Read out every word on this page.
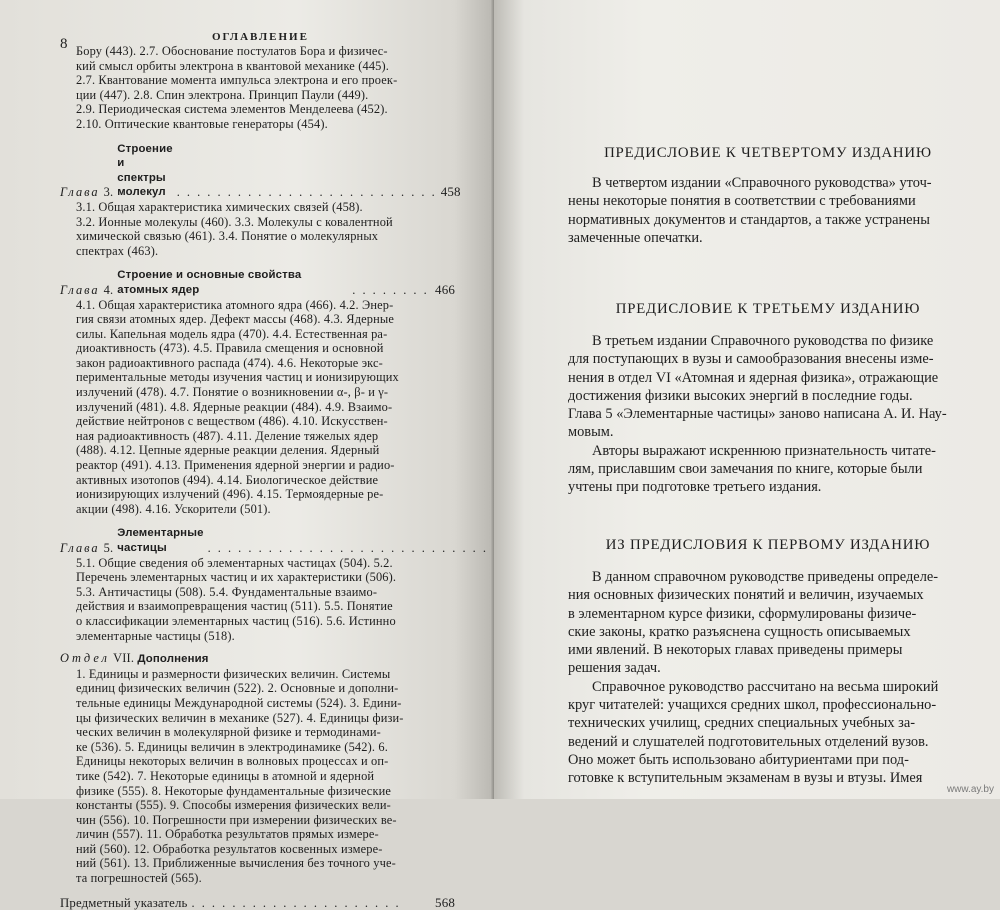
ОГЛАВЛЕНИЕ
8 Бору (443). 2.7. Обоснование постулатов Бора и физичес-
кий смысл орбиты электрона в квантовой механике (445).
2.7. Квантование момента импульса электрона и его проек-
ции (447). 2.8. Спин электрона. Принцип Паули (449).
2.9. Периодическая система элементов Менделеева (452).
2.10. Оптические квантовые генераторы (454).
Глава 3.
Строение и спектры молекул . . . . . . . . . . . . . . . . . . . . . . . . . . 458
3.1. Общая характеристика химических связей (458).
3.2. Ионные молекулы (460). 3.3. Молекулы с ковалентной
химической связью (461). 3.4. Понятие о молекулярных
спектрах (463).
Глава 4.
Строение и основные свойства атомных ядер	. . . . . . . . 466
4.1. Общая характеристика атомного ядра (466). 4.2. Энер-
гия связи атомных ядер. Дефект массы (468). 4.3. Ядерные
силы. Капельная модель ядра (470). 4.4. Естественная ра-
диоактивность (473). 4.5. Правила смещения и основной
закон радиоактивного распада (474). 4.6. Некоторые экс-
периментальные методы изучения частиц и ионизирующих
излучений (478). 4.7. Понятие о возникновении α-, β- и γ-
излучений (481). 4.8. Ядерные реакции (484). 4.9. Взаимо-
действие нейтронов с веществом (486). 4.10. Искусствен-
ная радиоактивность (487). 4.11. Деление тяжелых ядер
(488). 4.12. Цепные ядерные реакции деления. Ядерный
реактор (491). 4.13. Применения ядерной энергии и радио-
активных изотопов (494). 4.14. Биологическое действие
ионизирующих излучений (496). 4.15. Термоядерные ре-
акции (498). 4.16. Ускорители (501).
Глава 5.
Элементарные частицы	. . . . . . . . . . . . . . . . . . . . . . . . . . . .
5.1. Общие сведения об элементарных частицах (504). 5.2.
Перечень элементарных частиц и их характеристики (506).
5.3. Античастицы (508). 5.4. Фундаментальные взаимо-
действия и взаимопревращения частиц (511). 5.5. Понятие
о классификации элементарных частиц (516). 5.6. Истинно
элементарные частицы (518).
Отдел VII. Дополнения
1. Единицы и размерности физических величин. Системы
единиц физических величин (522). 2. Основные и дополни-
тельные единицы Международной системы (524). 3. Едини-
цы физических величин в механике (527). 4. Единицы физи-
ческих величин в молекулярной физике и термодинами-
ке (536). 5. Единицы величин в электродинамике (542). 6.
Единицы некоторых величин в волновых процессах и оп-
тике (542). 7. Некоторые единицы в атомной и ядерной
физике (555). 8. Некоторые фундаментальные физические
константы (555). 9. Способы измерения физических вели-
чин (556). 10. Погрешности при измерении физических ве-
личин (557). 11. Обработка результатов прямых измере-
ний (560). 12. Обработка результатов косвенных измере-
ний (561). 13. Приближенные вычисления без точного уче-
та погрешностей (565).
Предметный указатель . . . . . . . . . . . . . . . . . . . . .	568
ПРЕДИСЛОВИЕ К ЧЕТВЕРТОМУ ИЗДАНИЮ

В четвертом издании «Справочного руководства» уточ-

нены некоторые понятия в соответствии с требованиями

нормативных документов и стандартов, а также устранены

замеченные опечатки.

ПРЕДИСЛОВИЕ К ТРЕТЬЕМУ ИЗДАНИЮ

В третьем издании Справочного руководства по физике

для поступающих в вузы и самообразования внесены изме-

нения в отдел VI «Атомная и ядерная физика», отражающие

достижения физики высоких энергий в последние годы.

Глава 5 «Элементарные частицы» заново написана А. И. Нау-

мовым.

Авторы выражают искреннюю признательность читате-

лям, приславшим свои замечания по книге, которые были

учтены при подготовке третьего издания.

ИЗ ПРЕДИСЛОВИЯ К ПЕРВОМУ ИЗДАНИЮ

В данном справочном руководстве приведены определе-

ния основных физических понятий и величин, изучаемых

в элементарном курсе физики, сформулированы физиче-

ские законы, кратко разъяснена сущность описываемых

ими явлений. В некоторых главах приведены примеры

решения задач.

Справочное руководство рассчитано на весьма широкий

круг читателей: учащихся средних школ, профессионально-

технических училищ, средних специальных учебных за-

ведений и слушателей подготовительных отделений вузов.

Оно может быть использовано абитуриентами при под-

готовке к вступительным экзаменам в вузы и втузы. Имея

www.ay.by
